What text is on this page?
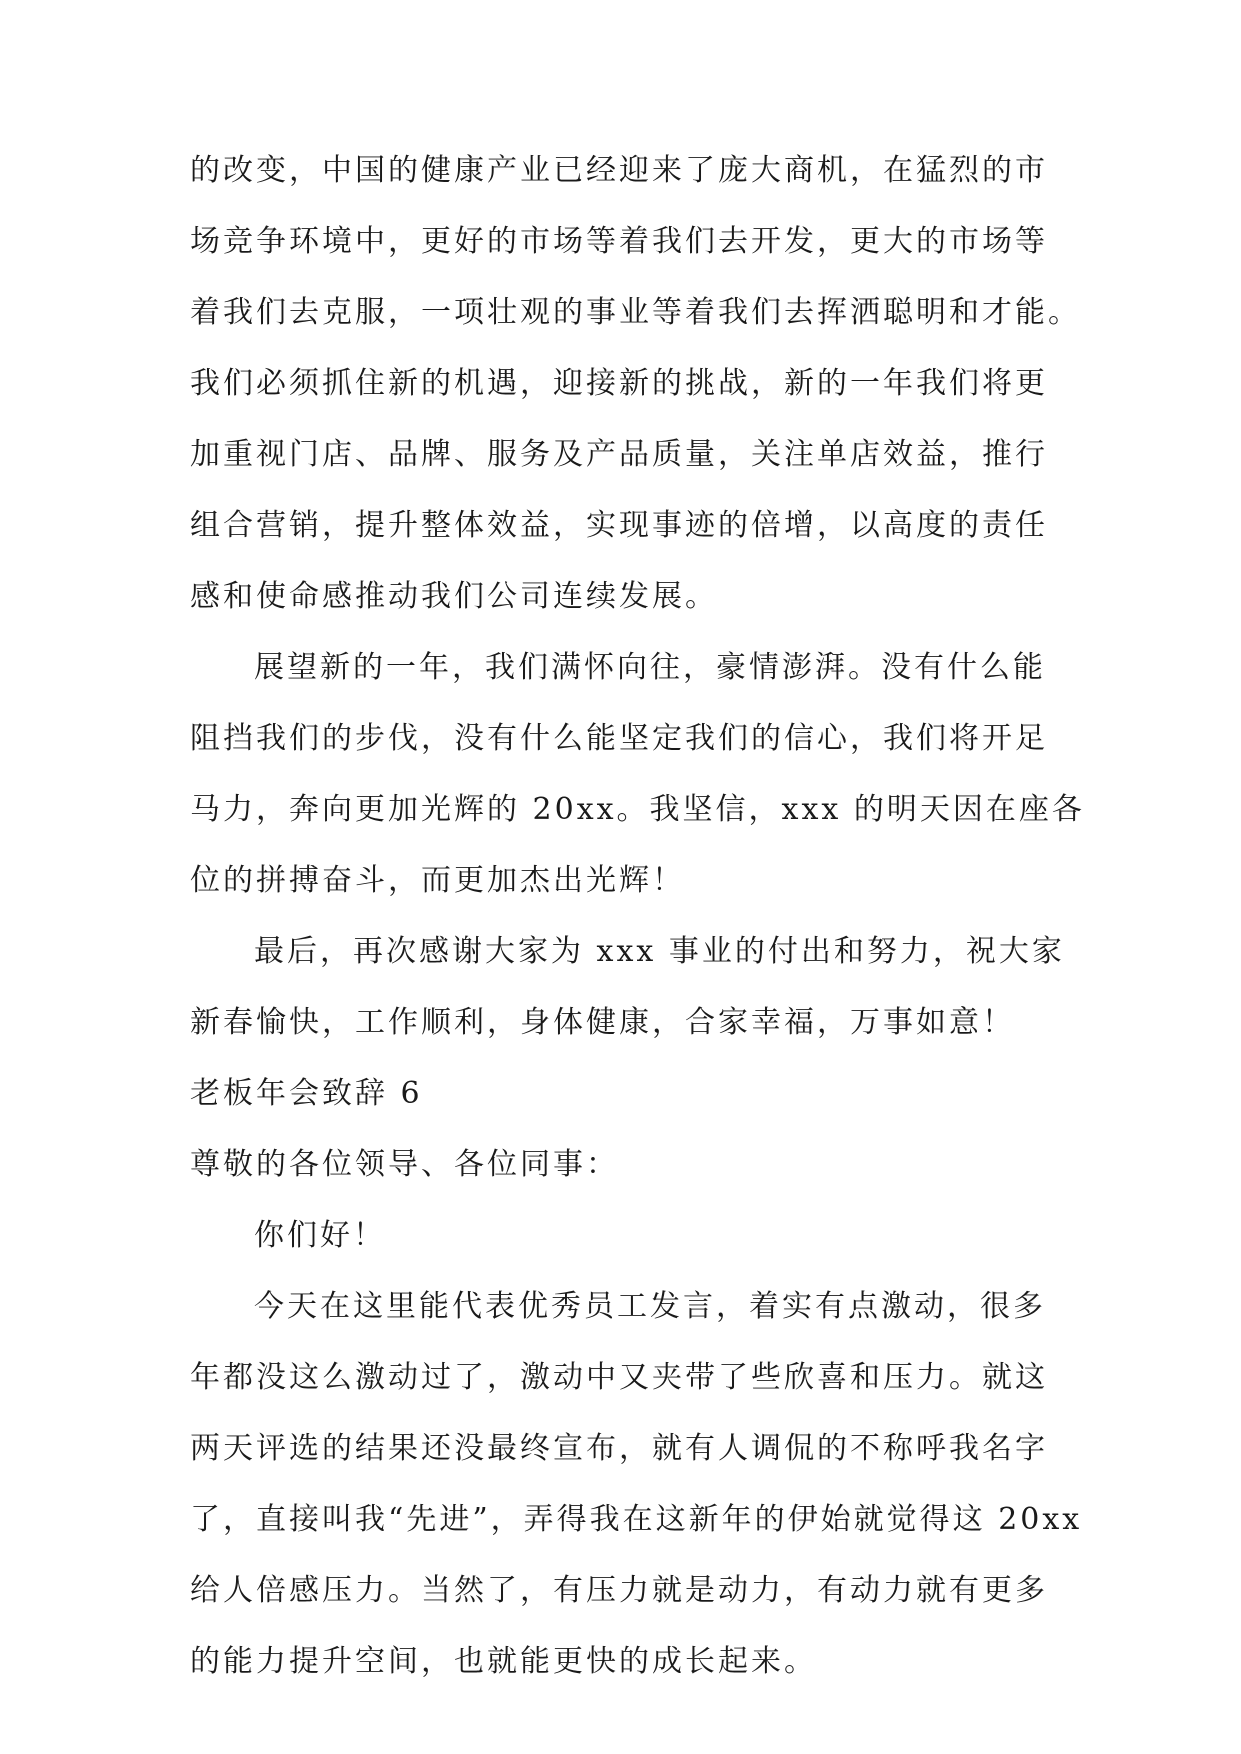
的改变，中国的健康产业已经迎来了庞大商机，在猛烈的市
场竞争环境中，更好的市场等着我们去开发，更大的市场等
着我们去克服，一项壮观的事业等着我们去挥洒聪明和才能。
我们必须抓住新的机遇，迎接新的挑战，新的一年我们将更
加重视门店、品牌、服务及产品质量，关注单店效益，推行
组合营销，提升整体效益，实现事迹的倍增，以高度的责任
感和使命感推动我们公司连续发展。
展望新的一年，我们满怀向往，豪情澎湃。没有什么能
阻挡我们的步伐，没有什么能坚定我们的信心，我们将开足
马力，奔向更加光辉的 20xx。我坚信，xxx 的明天因在座各
位的拼搏奋斗，而更加杰出光辉！
最后，再次感谢大家为 xxx 事业的付出和努力，祝大家
新春愉快，工作顺利，身体健康，合家幸福，万事如意！
老板年会致辞 6
尊敬的各位领导、各位同事：
你们好！
今天在这里能代表优秀员工发言，着实有点激动，很多
年都没这么激动过了，激动中又夹带了些欣喜和压力。就这
两天评选的结果还没最终宣布，就有人调侃的不称呼我名字
了，直接叫我“先进”，弄得我在这新年的伊始就觉得这 20xx
给人倍感压力。当然了，有压力就是动力，有动力就有更多
的能力提升空间，也就能更快的成长起来。
